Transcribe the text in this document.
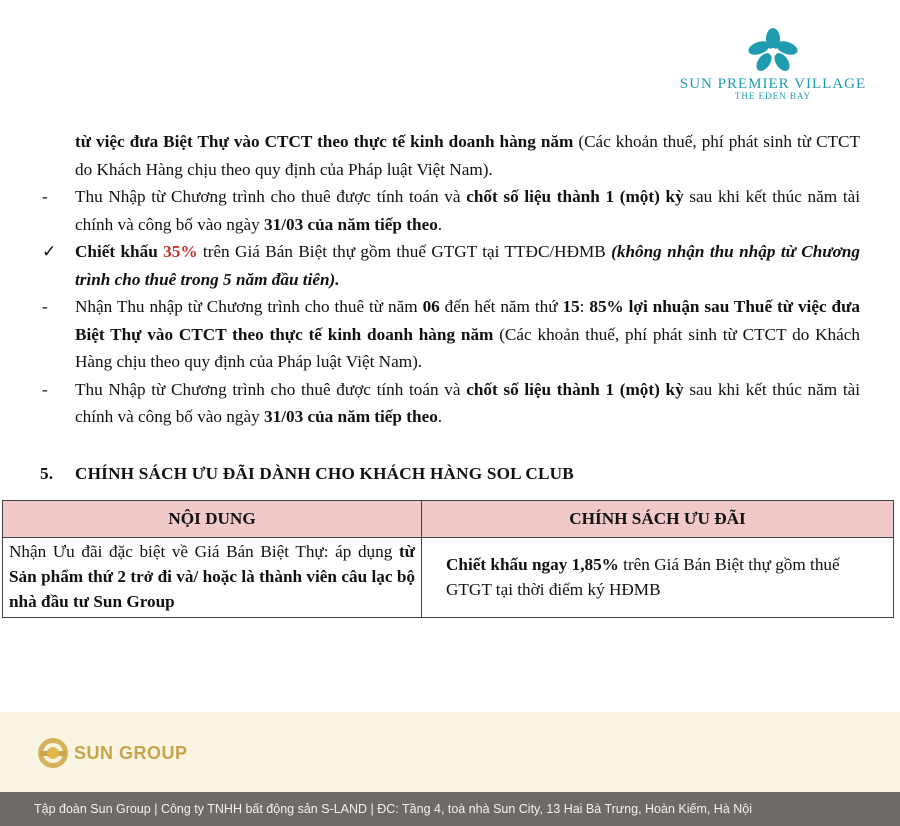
SUN PREMIER VILLAGE
THE EDEN BAY
từ việc đưa Biệt Thự vào CTCT theo thực tế kinh doanh hàng năm (Các khoản thuế, phí phát sinh từ CTCT do Khách Hàng chịu theo quy định của Pháp luật Việt Nam).
-	Thu Nhập từ Chương trình cho thuê được tính toán và chốt số liệu thành 1 (một) kỳ sau khi kết thúc năm tài chính và công bố vào ngày 31/03 của năm tiếp theo.
✓	Chiết khấu 35% trên Giá Bán Biệt thự gồm thuế GTGT tại TTĐC/HĐMB (không nhận thu nhập từ Chương trình cho thuê trong 5 năm đầu tiên).
-	Nhận Thu nhập từ Chương trình cho thuê từ năm 06 đến hết năm thứ 15: 85% lợi nhuận sau Thuế từ việc đưa Biệt Thự vào CTCT theo thực tế kinh doanh hàng năm (Các khoản thuế, phí phát sinh từ CTCT do Khách Hàng chịu theo quy định của Pháp luật Việt Nam).
-	Thu Nhập từ Chương trình cho thuê được tính toán và chốt số liệu thành 1 (một) kỳ sau khi kết thúc năm tài chính và công bố vào ngày 31/03 của năm tiếp theo.
5. CHÍNH SÁCH ƯU ĐÃI DÀNH CHO KHÁCH HÀNG SOL CLUB
NỘI DUNG	CHÍNH SÁCH ƯU ĐÃI
Nhận Ưu đãi đặc biệt về Giá Bán Biệt Thự: áp dụng từ Sản phẩm thứ 2 trở đi và/ hoặc là thành viên câu lạc bộ nhà đầu tư Sun Group	Chiết khấu ngay 1,85% trên Giá Bán Biệt thự gồm thuế GTGT tại thời điểm ký HĐMB
SUN GROUP
Tập đoàn Sun Group | Công ty TNHH bất động sản S-LAND | ĐC: Tầng 4, toà nhà Sun City, 13 Hai Bà Trưng, Hoàn Kiếm, Hà Nội
